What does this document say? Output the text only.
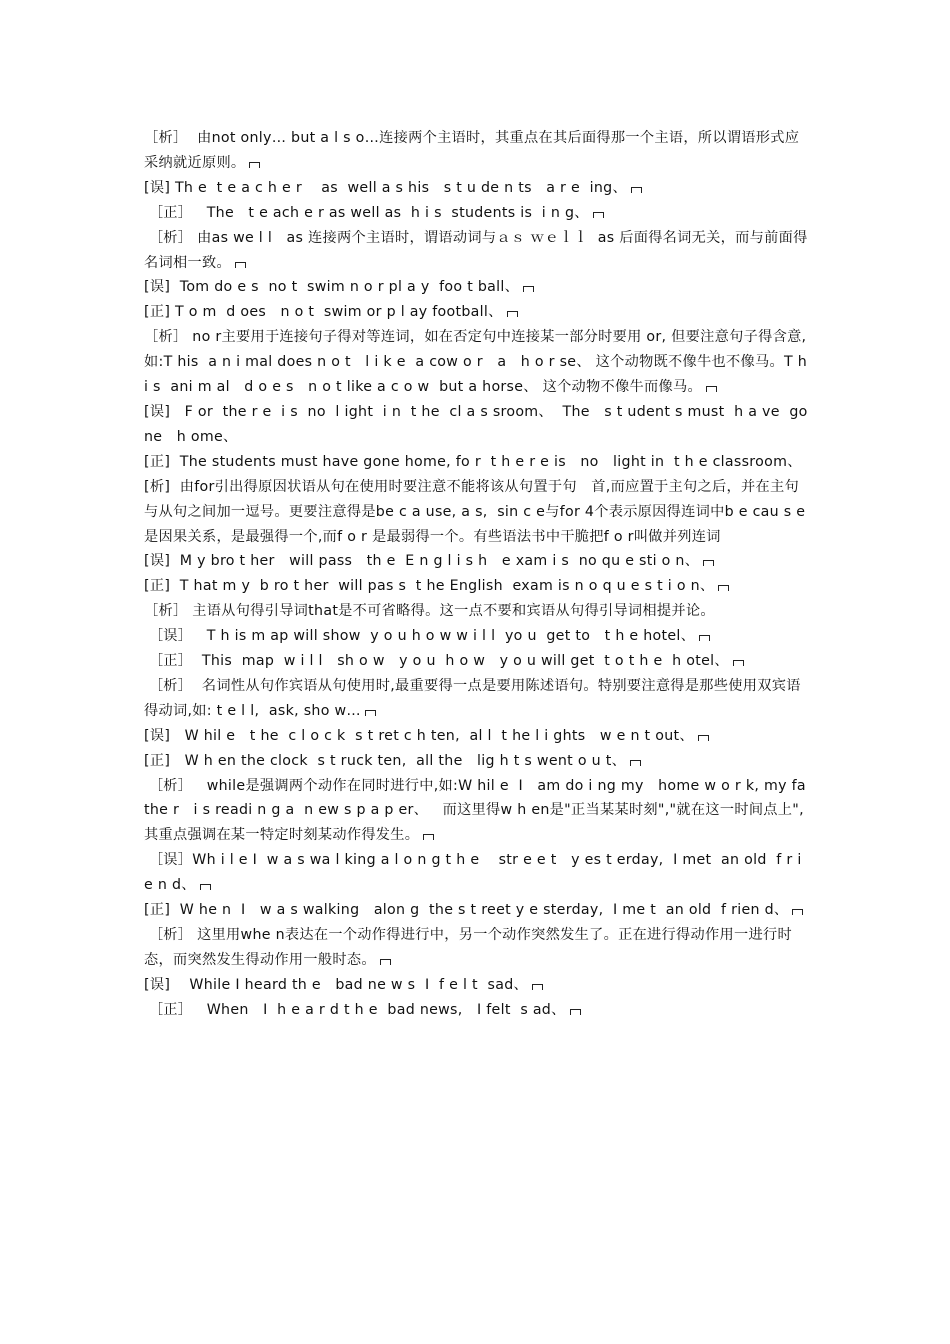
［析］  由not only… but a l s o…连接两个主语时，其重点在其后面得那一个主语，所以谓语形式应采纳就近原则。
[误] Th e  t e a c h e r    as  well a s his   s t u de n ts   a r e  ing、
［正］   The   t e ach e r as well as  h i s  students is  i n g、
［析］ 由as we l l   as 连接两个主语时，谓语动词与ａｓ ｗｅｌｌ  as 后面得名词无关，而与前面得名词相一致。
[误]  Tom do e s  no t  swim n o r pl a y  foo t ball、
[正] T o m  d oes   n o t  swim or p l ay football、
［析］ no r主要用于连接句子得对等连词，如在否定句中连接某一部分时要用 or, 但要注意句子得含意,如:T his  a n i mal does n o t   l i k e  a cow o r   a   h o r se、 这个动物既不像牛也不像马。T h i s  ani m al   d o e s   n o t like a c o w  but a horse、 这个动物不像牛而像马。
[误]   F or  the r e  i s  no  l ight  i n  t he  cl a s sroom、  The   s t udent s must  h a ve  gone   h ome、
[正]  The students must have gone home, fo r  t h e r e is   no   light in  t h e classroom、
[析]  由for引出得原因状语从句在使用时要注意不能将该从句置于句   首,而应置于主句之后，并在主句与从句之间加一逗号。更要注意得是be c a use, a s,  sin c e与for 4个表示原因得连词中b e cau s e是因果关系，是最强得一个,而f o r 是最弱得一个。有些语法书中干脆把f o r叫做并列连词
[误]  M y bro t her   will pass   th e  E n g l i s h   e xam i s  no qu e sti o n、
[正]  T hat m y  b ro t her  will pas s  t he English  exam is n o q u e s t i o n、
［析］ 主语从句得引导词that是不可省略得。这一点不要和宾语从句得引导词相提并论。
［误］   T h is m ap will show  y o u h o w w i l l  yo u  get to   t h e hotel、
［正］  This  map  w i l l   sh o w   y o u  h o w   y o u will get  t o t h e  h otel、
［析］  名词性从句作宾语从句使用时,最重要得一点是要用陈述语句。特别要注意得是那些使用双宾语得动词,如: t e l l,  ask, sho w…
[误]   W hil e   t he  c l o c k  s t ret c h ten,  al l  t he l i ghts   w e n t out、
[正]   W h en the clock  s t ruck ten,  all the   lig h t s went o u t、
［析］   while是强调两个动作在同时进行中,如:W hil e  I   am do i ng my   home w o r k, my fathe r   i s readi n g a  n ew s p a p er、   而这里得w h en是"正当某某时刻","就在这一时间点上",其重点强调在某一特定时刻某动作得发生。
［误］Wh i l e I  w a s wa l king a l o n g t h e    str e e t   y es t erday,  I met  an old  f r i e n d、
[正]  W he n  I   w a s walking   alon g  the s t reet y e sterday,  I me t  an old  f rien d、
［析］ 这里用whe n表达在一个动作得进行中，另一个动作突然发生了。正在进行得动作用一进行时态，而突然发生得动作用一般时态。
[误]    While I heard th e   bad ne w s  I  f e l t  sad、
［正］   When   I  h e a r d t h e  bad news,   I felt  s ad、
